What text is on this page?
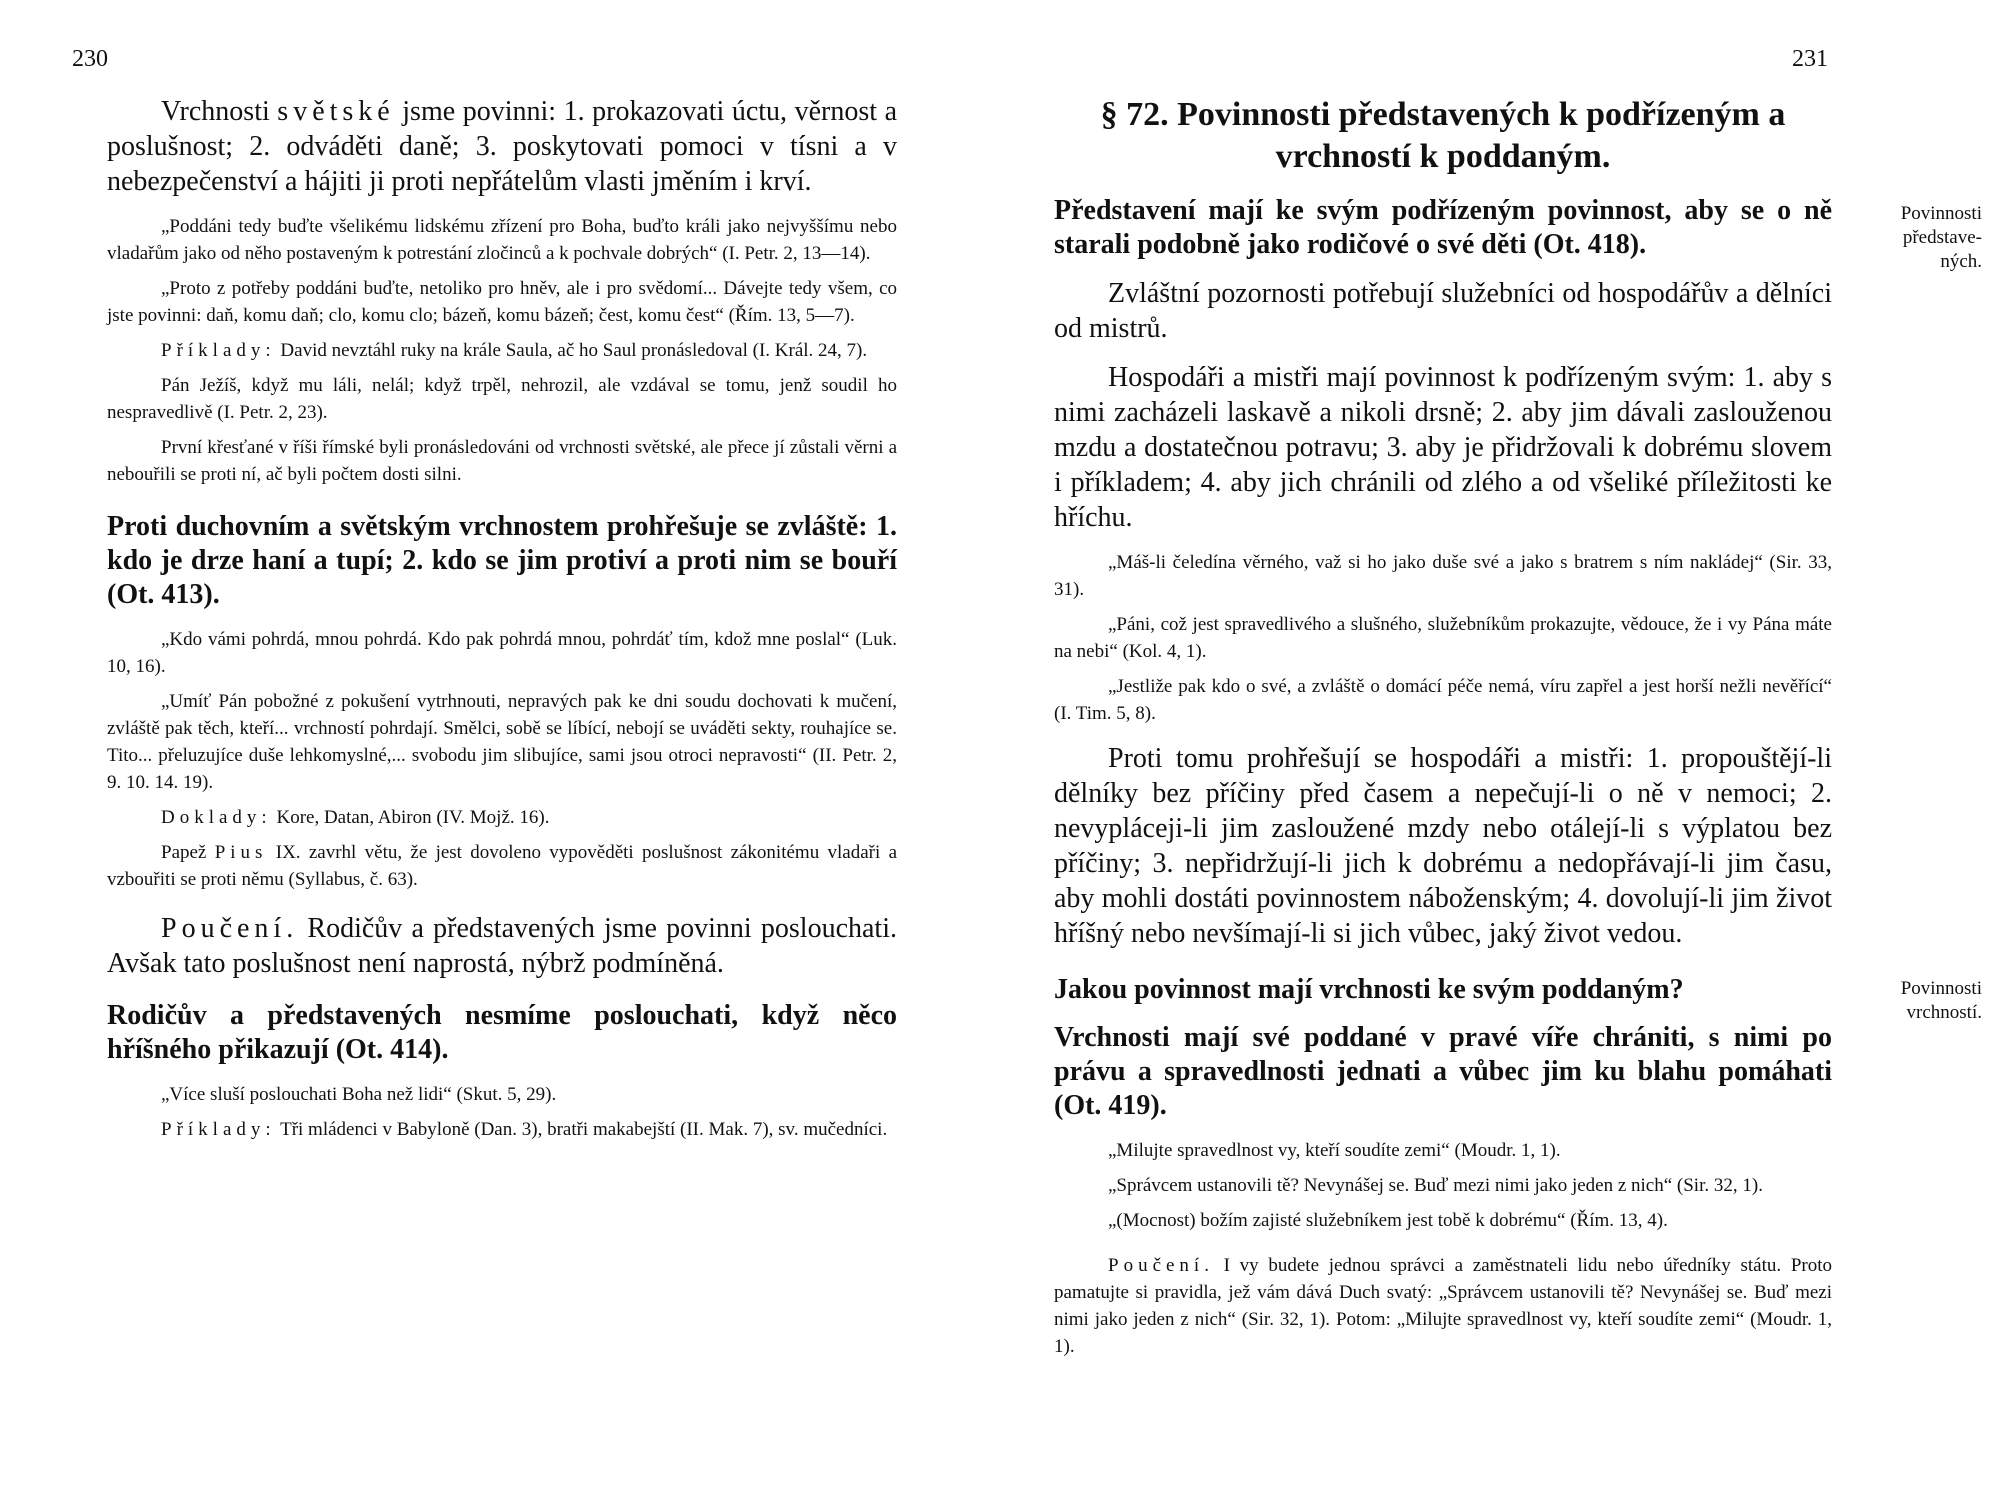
230

Vrchnosti světské jsme povinni: 1. prokazovati úctu, věrnost a poslušnost; 2. odváděti daně; 3. poskytovati pomoci v tísni a v nebezpečenství a hájiti ji proti nepřátelům vlasti jměním i krví.

„Poddáni tedy buďte všelikému lidskému zřízení pro Boha, buďto králi jako nejvyššímu nebo vladařům jako od něho postaveným k potrestání zločinců a k pochvale dobrých“ (I. Petr. 2, 13—14).

„Proto z potřeby poddáni buďte, netoliko pro hněv, ale i pro svědomí... Dávejte tedy všem, co jste povinni: daň, komu daň; clo, komu clo; bázeň, komu bázeň; čest, komu čest“ (Řím. 13, 5—7).

Příklady: David nevztáhl ruky na krále Saula, ač ho Saul pronásledoval (I. Král. 24, 7).

Pán Ježíš, když mu láli, nelál; když trpěl, nehrozil, ale vzdával se tomu, jenž soudil ho nespravedlivě (I. Petr. 2, 23).

První křesťané v říši římské byli pronásledováni od vrchnosti světské, ale přece jí zůstali věrni a nebouřili se proti ní, ač byli počtem dosti silni.

Proti duchovním a světským vrchnostem prohřešuje se zvláště: 1. kdo je drze haní a tupí; 2. kdo se jim protiví a proti nim se bouří (Ot. 413).

„Kdo vámi pohrdá, mnou pohrdá. Kdo pak pohrdá mnou, pohrdáť tím, kdož mne poslal“ (Luk. 10, 16).

„Umíť Pán pobožné z pokušení vytrhnouti, nepravých pak ke dni soudu dochovati k mučení, zvláště pak těch, kteří... vrchností pohrdají. Smělci, sobě se líbící, nebojí se uváděti sekty, rouhajíce se. Tito... přeluzujíce duše lehkomyslné,... svobodu jim slibujíce, sami jsou otroci nepravosti“ (II. Petr. 2, 9. 10. 14. 19).

Doklady: Kore, Datan, Abiron (IV. Mojž. 16).

Papež Pius IX. zavrhl větu, že jest dovoleno vypověděti poslušnost zákonitému vladaři a vzbouřiti se proti němu (Syllabus, č. 63).

Poučení. Rodičův a představených jsme povinni poslouchati. Avšak tato poslušnost není naprostá, nýbrž podmíněná.

Rodičův a představených nesmíme poslouchati, když něco hříšného přikazují (Ot. 414).

„Více sluší poslouchati Boha než lidi“ (Skut. 5, 29).

Příklady: Tři mládenci v Babyloně (Dan. 3), bratři makabejští (II. Mak. 7), sv. mučedníci.

231

§ 72. Povinnosti představených k podřízeným a vrchností k poddaným.

Představení mají ke svým podřízeným povinnost, aby se o ně starali podobně jako rodičové o své děti (Ot. 418).

Zvláštní pozornosti potřebují služebníci od hospodářův a dělníci od mistrů.

Hospodáři a mistři mají povinnost k podřízeným svým: 1. aby s nimi zacházeli laskavě a nikoli drsně; 2. aby jim dávali zaslouženou mzdu a dostatečnou potravu; 3. aby je přidržovali k dobrému slovem i příkladem; 4. aby jich chránili od zlého a od všeliké příležitosti ke hříchu.

„Máš-li čeledína věrného, važ si ho jako duše své a jako s bratrem s ním nakládej“ (Sir. 33, 31).

„Páni, což jest spravedlivého a slušného, služebníkům prokazujte, vědouce, že i vy Pána máte na nebi“ (Kol. 4, 1).

„Jestliže pak kdo o své, a zvláště o domácí péče nemá, víru zapřel a jest horší nežli nevěřící“ (I. Tim. 5, 8).

Proti tomu prohřešují se hospodáři a mistři: 1. propouštějí-li dělníky bez příčiny před časem a nepečují-li o ně v nemoci; 2. nevypláceji-li jim zasloužené mzdy nebo otálejí-li s výplatou bez příčiny; 3. nepřidržují-li jich k dobrému a nedopřávají-li jim času, aby mohli dostáti povinnostem náboženským; 4. dovolují-li jim život hříšný nebo nevšímají-li si jich vůbec, jaký život vedou.

Jakou povinnost mají vrchnosti ke svým poddaným?

Vrchnosti mají své poddané v pravé víře chrániti, s nimi po právu a spravedlnosti jednati a vůbec jim ku blahu pomáhati (Ot. 419).

„Milujte spravedlnost vy, kteří soudíte zemi“ (Moudr. 1, 1).

„Správcem ustanovili tě? Nevynášej se. Buď mezi nimi jako jeden z nich“ (Sir. 32, 1).

„(Mocnost) božím zajisté služebníkem jest tobě k dobrému“ (Řím. 13, 4).

Poučení. I vy budete jednou správci a zaměstnateli lidu nebo úředníky státu. Proto pamatujte si pravidla, jež vám dává Duch svatý: „Správcem ustanovili tě? Nevynášej se. Buď mezi nimi jako jeden z nich“ (Sir. 32, 1). Potom: „Milujte spravedlnost vy, kteří soudíte zemi“ (Moudr. 1, 1).

Povinnosti
představe-
ných.
Povinnosti
vrchností.
